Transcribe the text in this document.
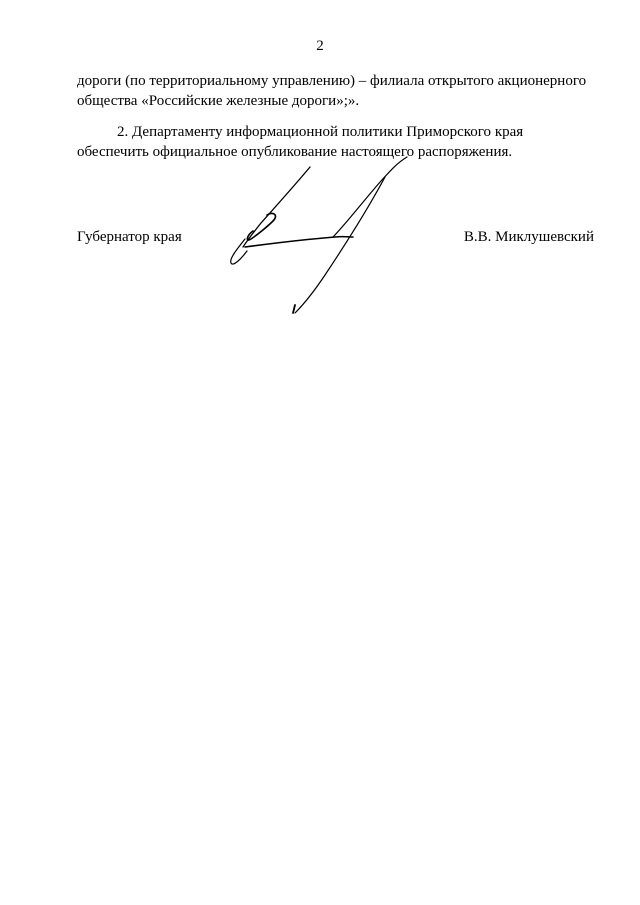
2
дороги (по территориальному управлению) – филиала открытого акционерного
общества «Российские железные дороги»;».
2. Департаменту информационной политики Приморского края
обеспечить официальное опубликование настоящего распоряжения.
Губернатор края	В.В. Миклушевский
